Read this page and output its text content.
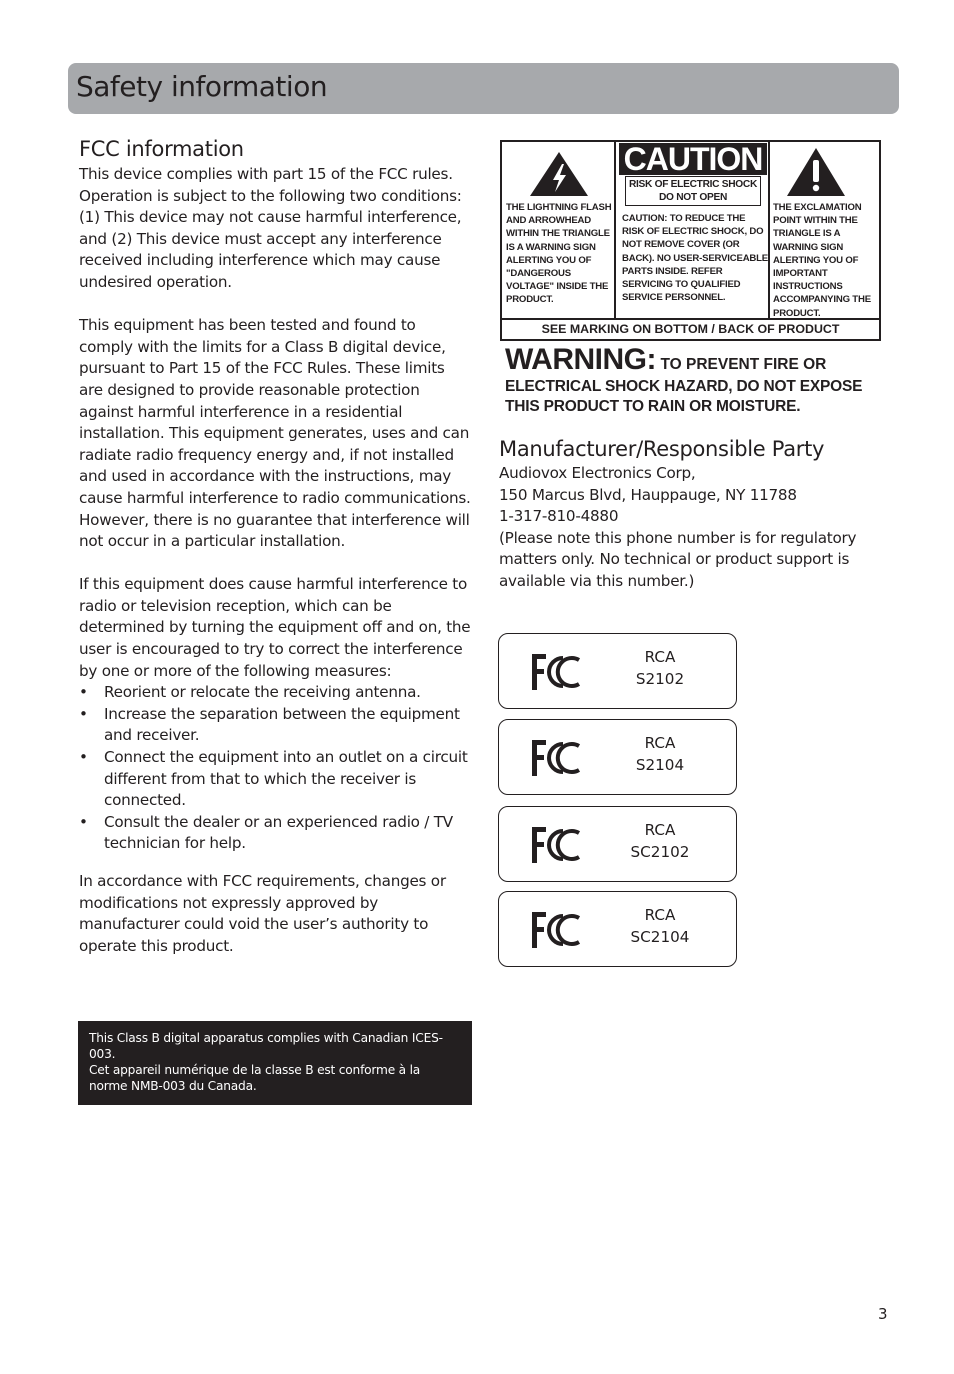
Safety information
FCC information

This device complies with part 15 of the FCC rules. Operation is subject to the following two conditions: (1) This device may not cause harmful interference, and (2) This device must accept any interference received including interference which may cause undesired operation.

This equipment has been tested and found to comply with the limits for a Class B digital device, pursuant to Part 15 of the FCC Rules. These limits are designed to provide reasonable protection against harmful interference in a residential installation. This equipment generates, uses and can radiate radio frequency energy and, if not installed and used in accordance with the instructions, may cause harmful interference to radio communications. However, there is no guarantee that interference will not occur in a particular installation.

If this equipment does cause harmful interference to radio or television reception, which can be determined by turning the equipment off and on, the user is encouraged to try to correct the interference by one or more of the following measures:

• Reorient or relocate the receiving antenna.
• Increase the separation between the equipment and receiver.
• Connect the equipment into an outlet on a circuit different from that to which the receiver is connected.
• Consult the dealer or an experienced radio / TV technician for help.

In accordance with FCC requirements, changes or modifications not expressly approved by manufacturer could void the user’s authority to operate this product.

This Class B digital apparatus complies with Canadian ICES-003.
Cet appareil numérique de la classe B est conforme à la norme NMB-003 du Canada.
THE LIGHTNING FLASH AND ARROWHEAD WITHIN THE TRIANGLE IS A WARNING SIGN ALERTING YOU OF "DANGEROUS VOLTAGE" INSIDE THE PRODUCT.
CAUTION
RISK OF ELECTRIC SHOCK
DO NOT OPEN
CAUTION: TO REDUCE THE RISK OF ELECTRIC SHOCK, DO NOT REMOVE COVER (OR BACK). NO USER-SERVICEABLE PARTS INSIDE. REFER SERVICING TO QUALIFIED SERVICE PERSONNEL.
THE EXCLAMATION POINT WITHIN THE TRIANGLE IS A WARNING SIGN ALERTING YOU OF IMPORTANT INSTRUCTIONS ACCOMPANYING THE PRODUCT.
SEE MARKING ON BOTTOM / BACK OF PRODUCT
WARNING: TO PREVENT FIRE OR
ELECTRICAL SHOCK HAZARD, DO NOT EXPOSE THIS PRODUCT TO RAIN OR MOISTURE.
Manufacturer/Responsible Party
Audiovox Electronics Corp,
150 Marcus Blvd, Hauppauge, NY 11788
1-317-810-4880
(Please note this phone number is for regulatory matters only. No technical or product support is available via this number.)
RCA
S2102
RCA
S2104
RCA
SC2102
RCA
SC2104
3
